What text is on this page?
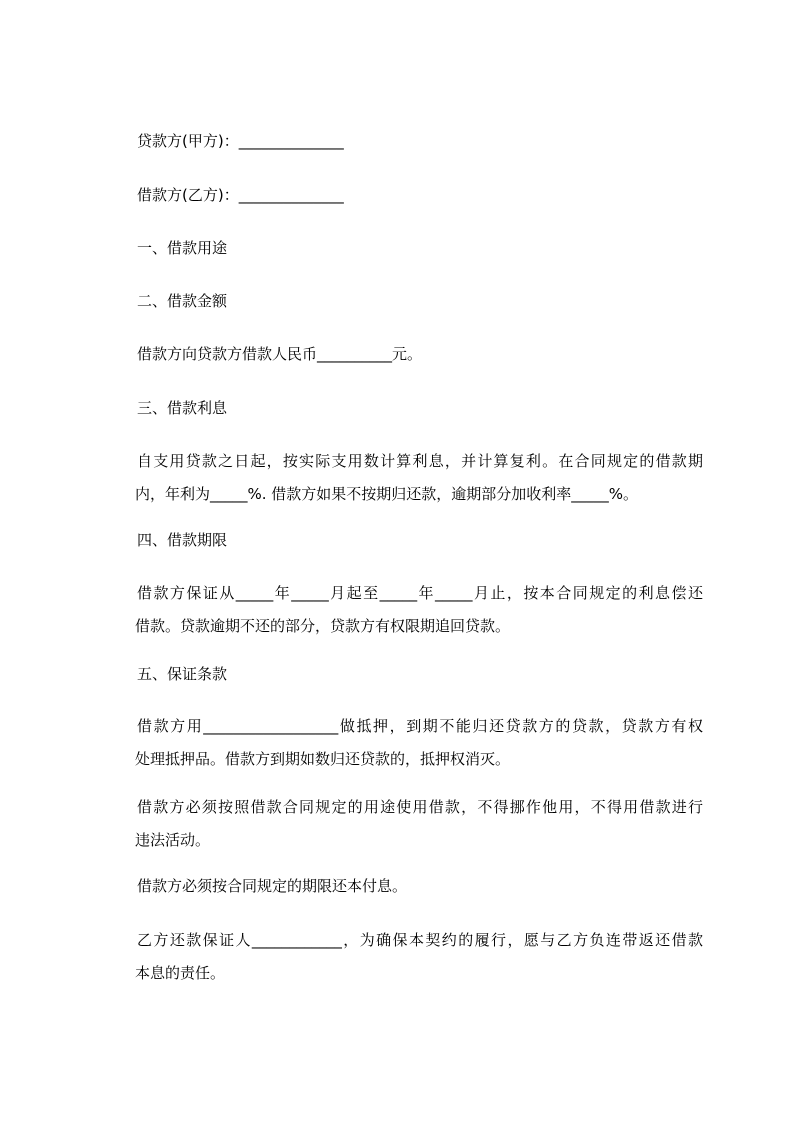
贷款方(甲方)：______________
借款方(乙方)：______________
一、借款用途
二、借款金额
借款方向贷款方借款人民币__________元。
三、借款利息
自支用贷款之日起，按实际支用数计算利息，并计算复利。在合同规定的借款期
内，年利为_____%. 借款方如果不按期归还款，逾期部分加收利率_____%。
四、借款期限
借款方保证从_____年_____月起至_____年_____月止，按本合同规定的利息偿还
借款。贷款逾期不还的部分，贷款方有权限期追回贷款。
五、保证条款
借款方用__________________做抵押，到期不能归还贷款方的贷款，贷款方有权
处理抵押品。借款方到期如数归还贷款的，抵押权消灭。
借款方必须按照借款合同规定的用途使用借款，不得挪作他用，不得用借款进行
违法活动。
借款方必须按合同规定的期限还本付息。
乙方还款保证人____________，为确保本契约的履行，愿与乙方负连带返还借款
本息的责任。
